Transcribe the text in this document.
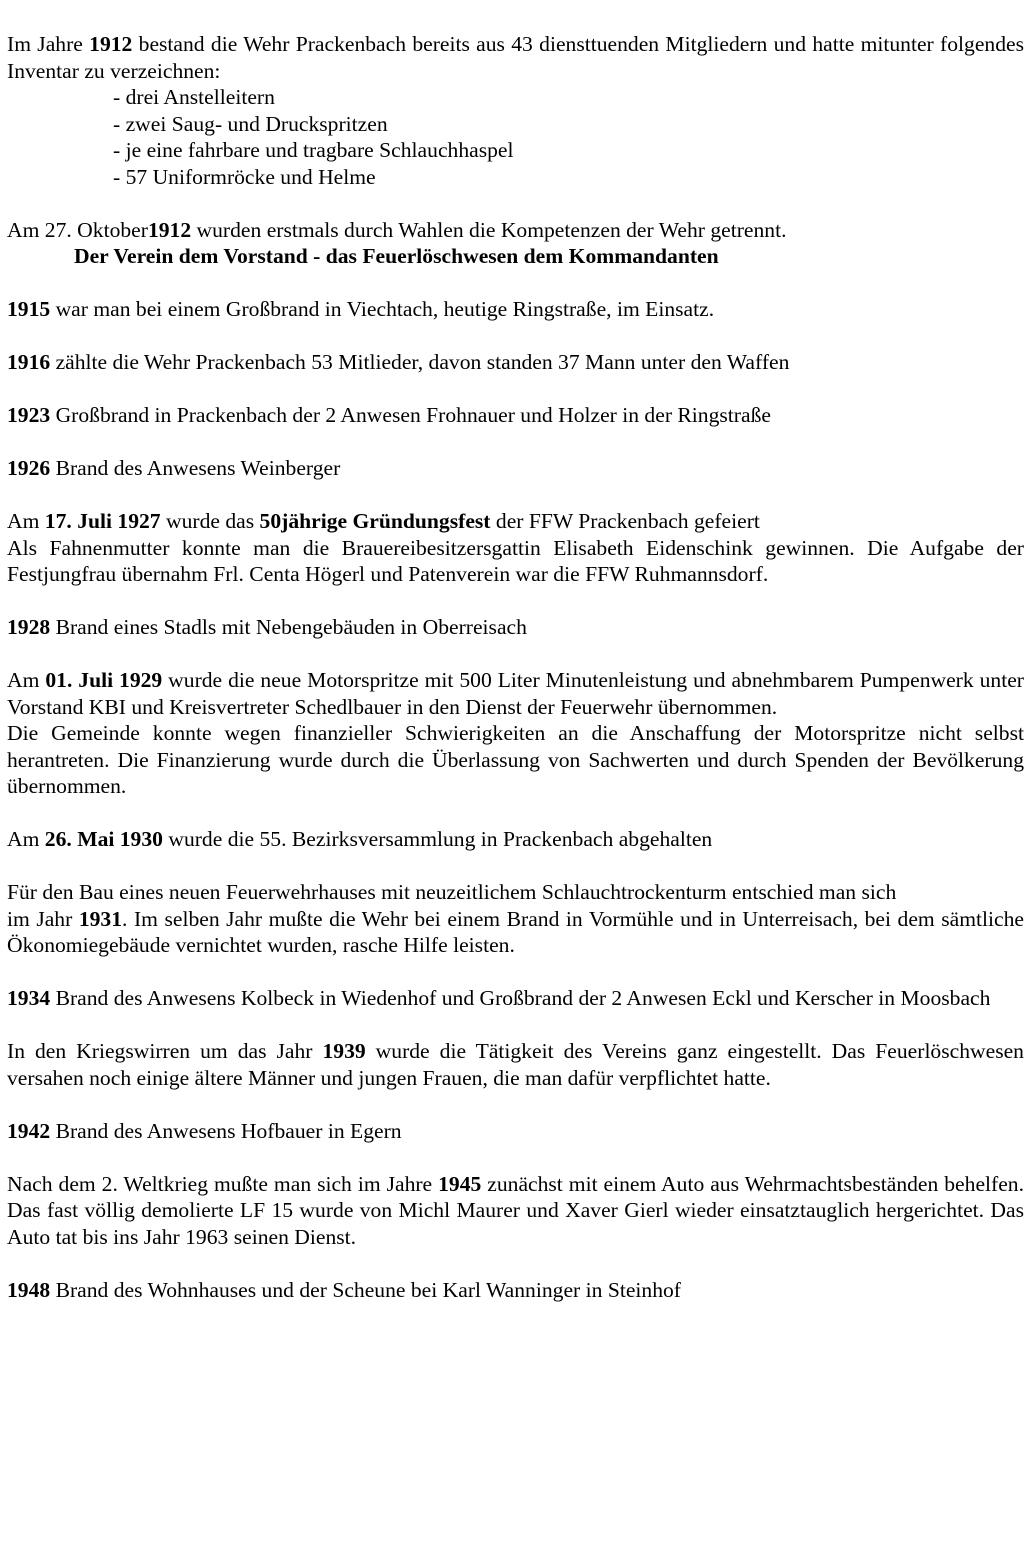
Im Jahre 1912 bestand die Wehr Prackenbach bereits aus 43 diensttuenden Mitgliedern und hatte mitunter folgendes Inventar zu verzeichnen:

- drei Anstelleitern

- zwei Saug- und Druckspritzen

- je eine fahrbare und tragbare Schlauchhaspel

- 57 Uniformröcke und Helme

Am 27. Oktober1912 wurden erstmals durch Wahlen die Kompetenzen der Wehr getrennt.

Der Verein dem Vorstand - das Feuerlöschwesen dem Kommandanten

1915 war man bei einem Großbrand in Viechtach, heutige Ringstraße, im Einsatz.

1916 zählte die Wehr Prackenbach 53 Mitlieder, davon standen 37 Mann unter den Waffen

1923 Großbrand in Prackenbach der 2 Anwesen Frohnauer und Holzer in der Ringstraße

1926 Brand des Anwesens Weinberger

Am 17. Juli 1927 wurde das 50jährige Gründungsfest der FFW Prackenbach gefeiert

Als Fahnenmutter konnte man die Brauereibesitzersgattin Elisabeth Eidenschink gewinnen. Die Aufgabe der Festjungfrau übernahm Frl. Centa Högerl und Patenverein war die FFW Ruhmannsdorf.

1928 Brand eines Stadls mit Nebengebäuden in Oberreisach

Am 01. Juli 1929 wurde die neue Motorspritze mit 500 Liter Minutenleistung und abnehmbarem Pumpenwerk unter Vorstand KBI und Kreisvertreter Schedlbauer in den Dienst der Feuerwehr übernommen.

Die Gemeinde konnte wegen finanzieller Schwierigkeiten an die Anschaffung der Motorspritze nicht selbst herantreten. Die Finanzierung wurde durch die Überlassung von Sachwerten und durch Spenden der Bevölkerung übernommen.

Am 26. Mai 1930 wurde die 55. Bezirksversammlung in Prackenbach abgehalten

Für den Bau eines neuen Feuerwehrhauses mit neuzeitlichem Schlauchtrockenturm entschied man sich

im Jahr 1931. Im selben Jahr mußte die Wehr bei einem Brand in Vormühle und in Unterreisach, bei dem sämtliche Ökonomiegebäude vernichtet wurden, rasche Hilfe leisten.

1934 Brand des Anwesens Kolbeck in Wiedenhof und Großbrand der 2 Anwesen Eckl und Kerscher in Moosbach

In den Kriegswirren um das Jahr 1939 wurde die Tätigkeit des Vereins ganz eingestellt. Das Feuerlöschwesen versahen noch einige ältere Männer und jungen Frauen, die man dafür verpflichtet hatte.

1942 Brand des Anwesens Hofbauer in Egern

Nach dem 2. Weltkrieg mußte man sich im Jahre 1945 zunächst mit einem Auto aus Wehrmachtsbeständen behelfen. Das fast völlig demolierte LF 15 wurde von Michl Maurer und Xaver Gierl wieder einsatztauglich hergerichtet. Das Auto tat bis ins Jahr 1963 seinen Dienst.

1948 Brand des Wohnhauses und der Scheune bei Karl Wanninger in Steinhof
